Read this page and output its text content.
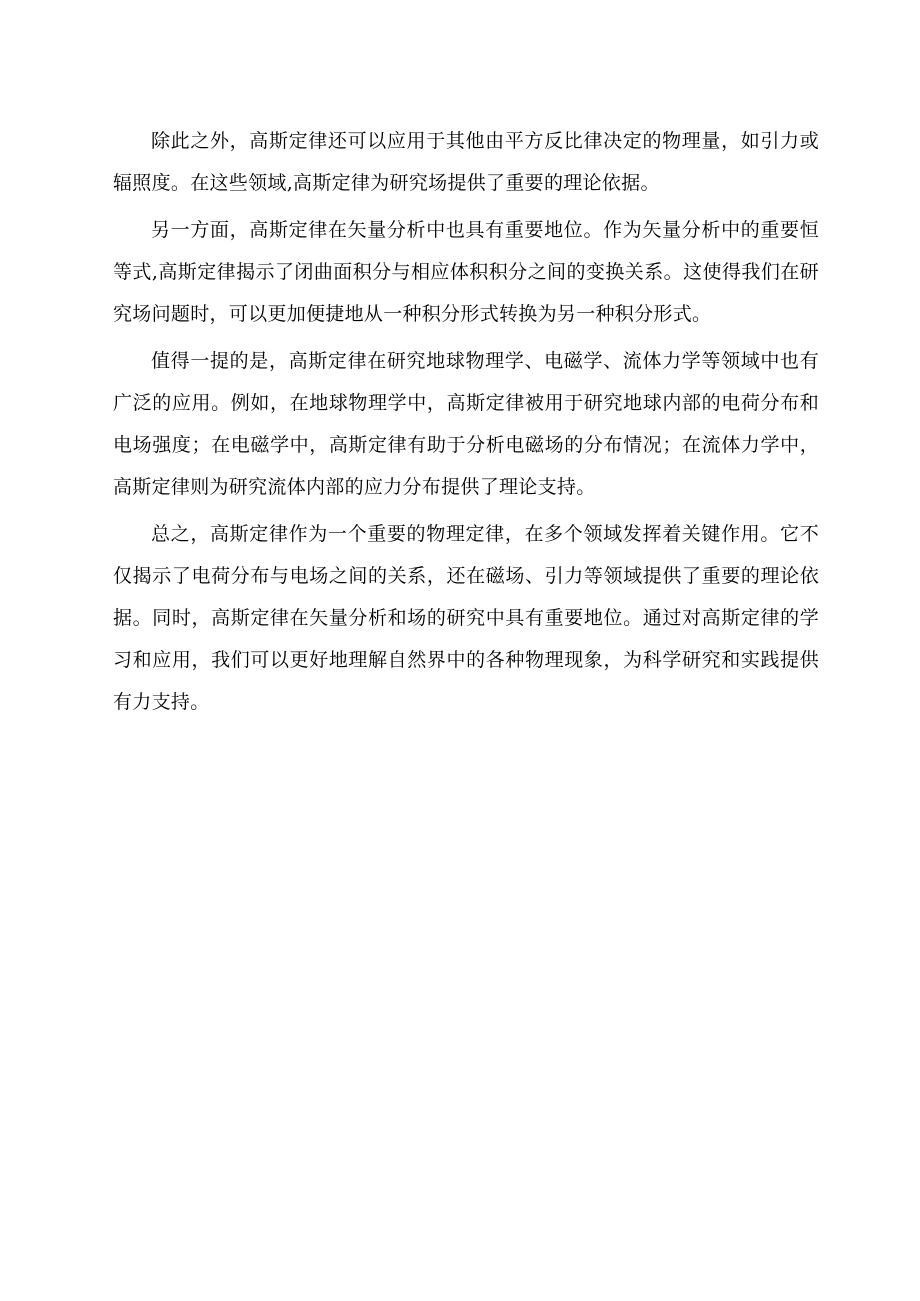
除此之外，高斯定律还可以应用于其他由平方反比律决定的物理量，如引力或辐照度。在这些领域,高斯定律为研究场提供了重要的理论依据。

另一方面，高斯定律在矢量分析中也具有重要地位。作为矢量分析中的重要恒等式,高斯定律揭示了闭曲面积分与相应体积积分之间的变换关系。这使得我们在研究场问题时，可以更加便捷地从一种积分形式转换为另一种积分形式。

值得一提的是，高斯定律在研究地球物理学、电磁学、流体力学等领域中也有广泛的应用。例如，在地球物理学中，高斯定律被用于研究地球内部的电荷分布和电场强度；在电磁学中，高斯定律有助于分析电磁场的分布情况；在流体力学中，高斯定律则为研究流体内部的应力分布提供了理论支持。

总之，高斯定律作为一个重要的物理定律，在多个领域发挥着关键作用。它不仅揭示了电荷分布与电场之间的关系，还在磁场、引力等领域提供了重要的理论依据。同时，高斯定律在矢量分析和场的研究中具有重要地位。通过对高斯定律的学习和应用，我们可以更好地理解自然界中的各种物理现象，为科学研究和实践提供有力支持。
